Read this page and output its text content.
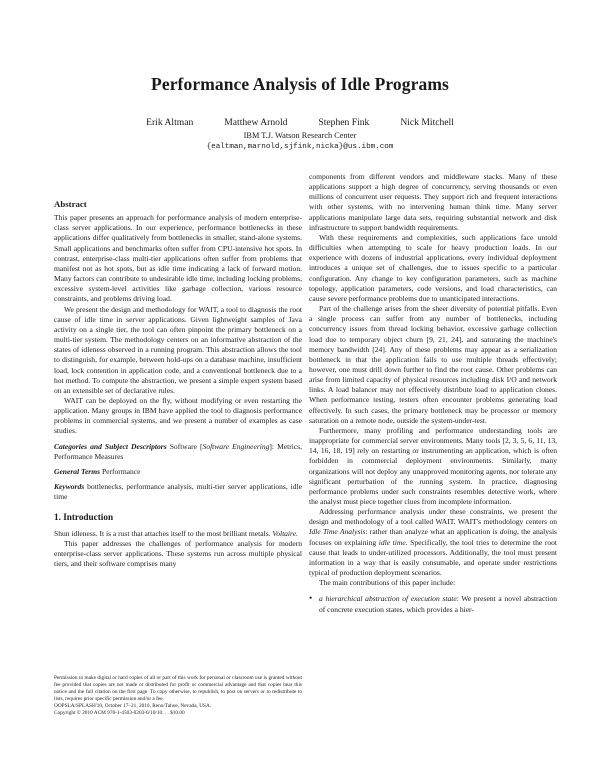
Performance Analysis of Idle Programs
Erik Altman	Matthew Arnold	Stephen Fink	Nick Mitchell
IBM T.J. Watson Research Center
{ealtman,marnold,sjfink,nicka}@us.ibm.com
Abstract

This paper presents an approach for performance analysis of modern enterprise-class server applications. In our experience, performance bottlenecks in these applications differ qualitatively from bottlenecks in smaller, stand-alone systems. Small applications and benchmarks often suffer from CPU-intensive hot spots. In contrast, enterprise-class multi-tier applications often suffer from problems that manifest not as hot spots, but as idle time indicating a lack of forward motion. Many factors can contribute to undesirable idle time, including locking problems, excessive system-level activities like garbage collection, various resource constraints, and problems driving load.

We present the design and methodology for WAIT, a tool to diagnosis the root cause of idle time in server applications. Given lightweight samples of Java activity on a single tier, the tool can often pinpoint the primary bottleneck on a multi-tier system. The methodology centers on an informative abstraction of the states of idleness observed in a running program. This abstraction allows the tool to distinguish, for example, between hold-ups on a database machine, insufficient load, lock contention in application code, and a conventional bottleneck due to a hot method. To compute the abstraction, we present a simple expert system based on an extensible set of declarative rules.

WAIT can be deployed on the fly, without modifying or even restarting the application. Many groups in IBM have applied the tool to diagnosis performance problems in commercial systems, and we present a number of examples as case studies.

Categories and Subject Descriptors Software [Software Engineering]: Metrics, Performance Measures

General Terms Performance

Keywords bottlenecks, performance analysis, multi-tier server applications, idle time

1. Introduction

Shun idleness. It is a rust that attaches itself to the most brilliant metals. Voltaire.

This paper addresses the challenges of performance analysis for modern enterprise-class server applications. These systems run across multiple physical tiers, and their software comprises many

Permission to make digital or hard copies of all or part of this work for personal or classroom use is granted without fee provided that copies are not made or distributed for profit or commercial advantage and that copies bear this notice and the full citation on the first page. To copy otherwise, to republish, to post on servers or to redistribute to lists, requires prior specific permission and/or a fee.

OOPSLA/SPLASH'10, October 17–21, 2010, Reno/Tahoe, Nevada, USA.

Copyright © 2010 ACM 978-1-4503-0203-6/10/10. . . $10.00

components from different vendors and middleware stacks. Many of these applications support a high degree of concurrency, serving thousands or even millions of concurrent user requests. They support rich and frequent interactions with other systems, with no intervening human think time. Many server applications manipulate large data sets, requiring substantial network and disk infrastructure to support bandwidth requirements.

With these requirements and complexities, such applications face untold difficulties when attempting to scale for heavy production loads. In our experience with dozens of industrial applications, every individual deployment introduces a unique set of challenges, due to issues specific to a particular configuration. Any change to key configuration parameters, such as machine topology, application parameters, code versions, and load characteristics, can cause severe performance problems due to unanticipated interactions.

Part of the challenge arises from the sheer diversity of potential pitfalls. Even a single process can suffer from any number of bottlenecks, including concurrency issues from thread locking behavior, excessive garbage collection load due to temporary object churn [9, 21, 24], and saturating the machine's memory bandwidth [24]. Any of these problems may appear as a serialization bottleneck in that the application fails to use multiple threads effectively; however, one must drill down further to find the root cause. Other problems can arise from limited capacity of physical resources including disk I/O and network links. A load balancer may not effectively distribute load to application clones. When performance testing, testers often encounter problems generating load effectively. In such cases, the primary bottleneck may be processor or memory saturation on a remote node, outside the system-under-test.

Furthermore, many profiling and performance understanding tools are inappropriate for commercial server environments. Many tools [2, 3, 5, 6, 11, 13, 14, 16, 18, 19] rely on restarting or instrumenting an application, which is often forbidden in commercial deployment environments. Similarly, many organizations will not deploy any unapproved monitoring agents, nor tolerate any significant perturbation of the running system. In practice, diagnosing performance problems under such constraints resembles detective work, where the analyst must piece together clues from incomplete information.

Addressing performance analysis under these constraints, we present the design and methodology of a tool called WAIT. WAIT's methodology centers on Idle Time Analysis: rather than analyze what an application is doing, the analysis focuses on explaining idle time. Specifically, the tool tries to determine the root cause that leads to under-utilized processors. Additionally, the tool must present information in a way that is easily consumable, and operate under restrictions typical of production deployment scenarios.

The main contributions of this paper include:

• a hierarchical abstraction of execution state: We present a novel abstraction of concrete execution states, which provides a hier-
